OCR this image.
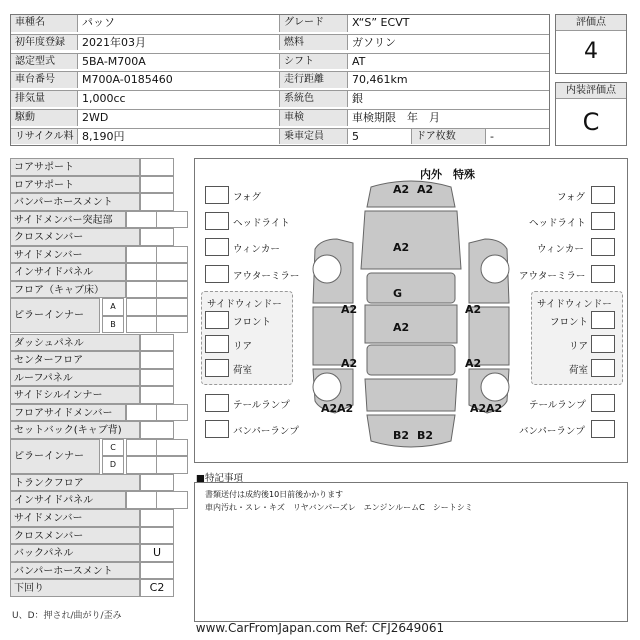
車種名	パッソ	グレード	X“S” ECVT
初年度登録	2021年03月	燃料	ガソリン
認定型式	5BA-M700A	シフト	AT
車台番号	M700A-0185460	走行距離	70,461km
排気量	1,000cc	系統色	銀
駆動	2WD	車検	車検期限　年　月
リサイクル料 8,190円	乗車定員	5	ドア枚数	-
評価点
4
内装評価点
C
コアサポート
ロアサポート
バンパーホースメント
サイドメンバー突起部
クロスメンバー
サイドメンバー
インサイドパネル
フロア（キャブ床）
ピラーインナー
A
B
ダッシュパネル
センターフロア
ルーフパネル
サイドシルインナー
フロアサイドメンバー
セットバック(キャブ背)
ピラーインナー
C
D
トランクフロア
インサイドパネル
サイドメンバー
クロスメンバー
バックパネル	U
バンパーホースメント
下回り	C2
U、D：押され/曲がり/歪み
内外　特殊
フォグ
ヘッドライト
ウィンカー
アウターミラー
フォグ
ヘッドライト
ウィンカー
アウターミラー
サイドウィンドー
フロント
リア
荷室
サイドウィンドー
フロント
リア
荷室
テールランプ
バンパーランプ
テールランプ
バンパーランプ
A2 A2
A2
G
A2
A2
A2
A2
A2
A2 A2	A2 A2
B2 B2
■特記事項
書類送付は成約後10日前後かかります
車内汚れ・スレ・キズ　リヤバンパーズレ　エンジンルームC　シートシミ
www.CarFromJapan.com Ref: CFJ2649061
